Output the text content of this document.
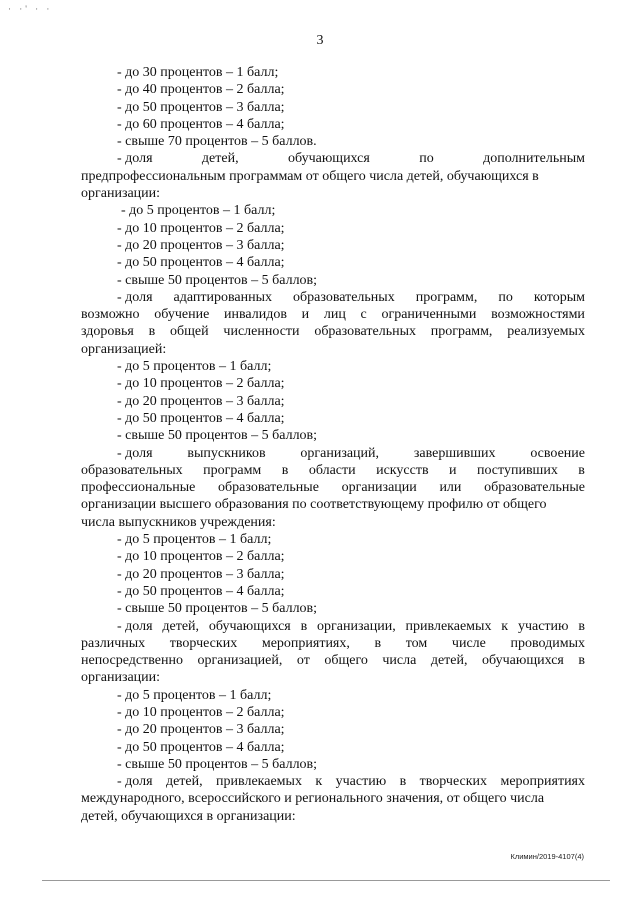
· ·' · ·
3
- до 30 процентов – 1 балл;
- до 40 процентов – 2 балла;
- до 50 процентов – 3 балла;
- до 60 процентов – 4 балла;
- свыше 70 процентов – 5 баллов.
- доля	детей,	обучающихся	по	дополнительным
предпрофессиональным программам от общего числа детей, обучающихся в
организации:
- до 5 процентов – 1 балл;
- до 10 процентов – 2 балла;
- до 20 процентов – 3 балла;
- до 50 процентов – 4 балла;
- свыше 50 процентов – 5 баллов;
- доля адаптированных образовательных программ, по которым
возможно обучение инвалидов и лиц с ограниченными возможностями
здоровья в общей численности образовательных программ, реализуемых
организацией:
- до 5 процентов – 1 балл;
- до 10 процентов – 2 балла;
- до 20 процентов – 3 балла;
- до 50 процентов – 4 балла;
- свыше 50 процентов – 5 баллов;
- доля выпускников организаций, завершивших освоение
образовательных программ в области искусств и поступивших в
профессиональные образовательные организации или образовательные
организации высшего образования по соответствующему профилю от общего
числа выпускников учреждения:
- до 5 процентов – 1 балл;
- до 10 процентов – 2 балла;
- до 20 процентов – 3 балла;
- до 50 процентов – 4 балла;
- свыше 50 процентов – 5 баллов;
- доля детей, обучающихся в организации, привлекаемых к участию в
различных творческих мероприятиях, в том числе проводимых
непосредственно организацией, от общего числа детей, обучающихся в
организации:
- до 5 процентов – 1 балл;
- до 10 процентов – 2 балла;
- до 20 процентов – 3 балла;
- до 50 процентов – 4 балла;
- свыше 50 процентов – 5 баллов;
- доля детей, привлекаемых к участию в творческих мероприятиях
международного, всероссийского и регионального значения, от общего числа
детей, обучающихся в организации:
Климин/2019-4107(4)
